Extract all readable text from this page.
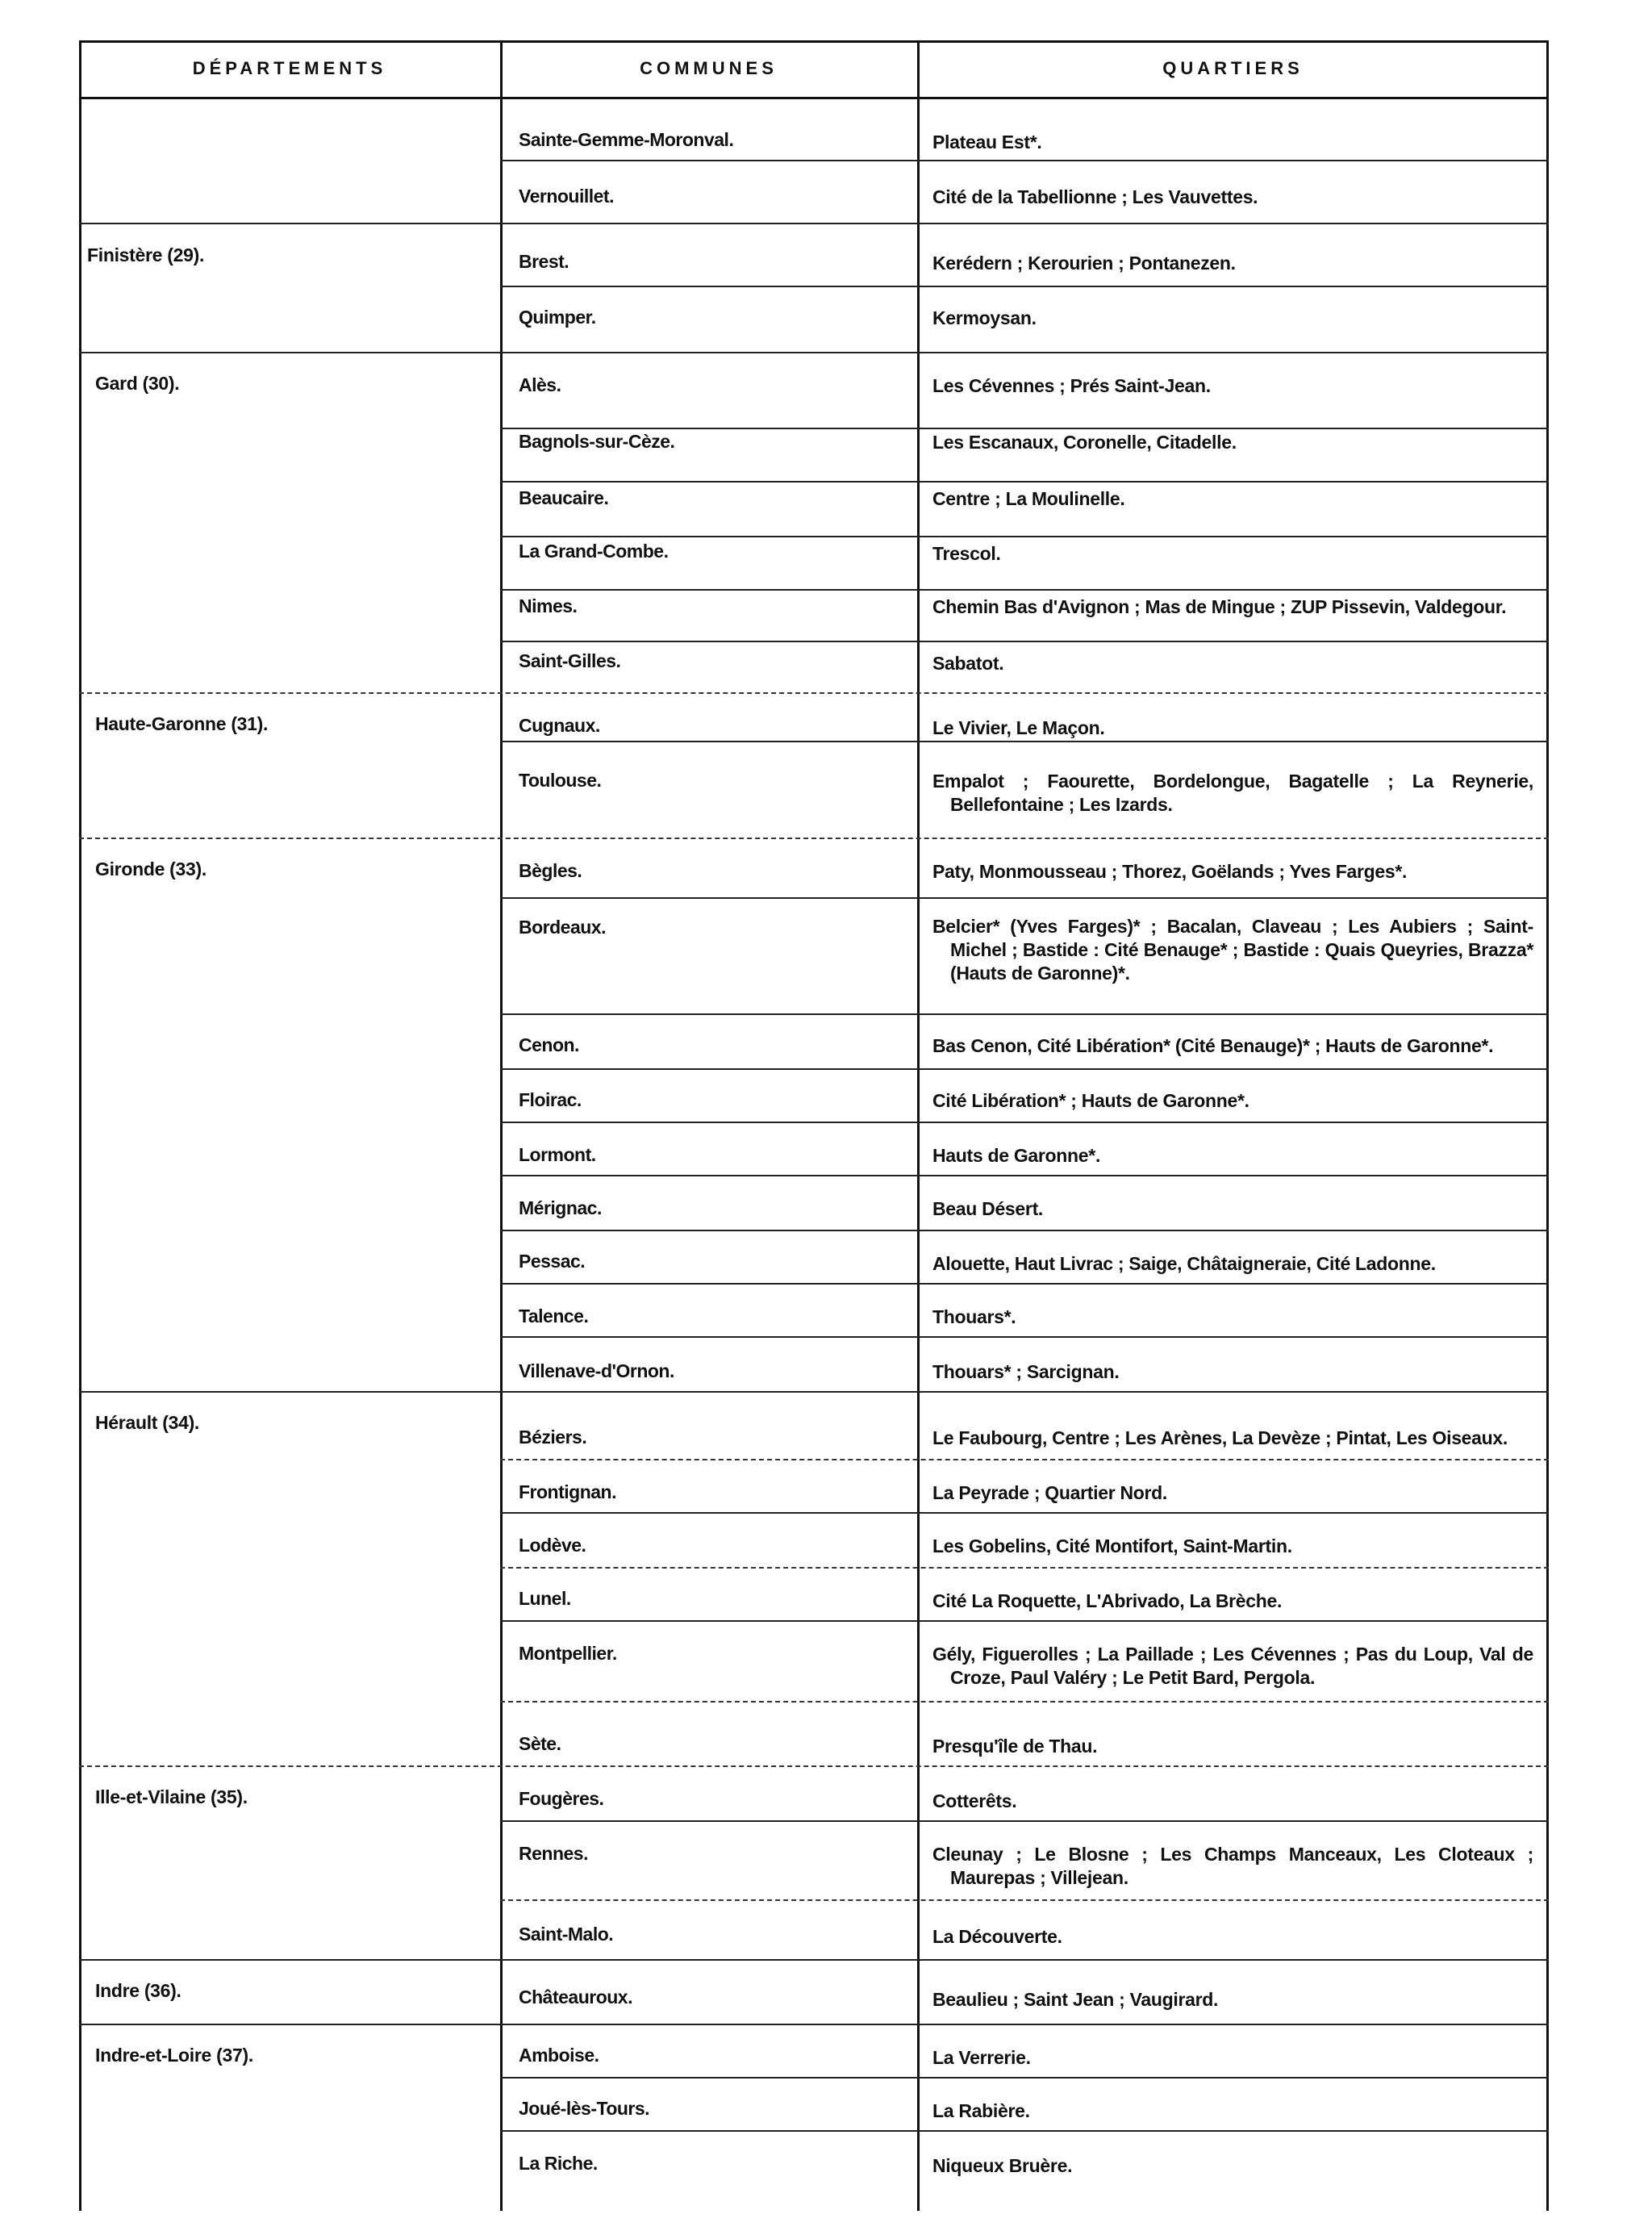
DÉPARTEMENTS	COMMUNES	QUARTIERS
Finistère (29).
Gard (30).
Haute-Garonne (31).
Gironde (33).
Hérault (34).
Ille-et-Vilaine (35).
Indre (36).
Indre-et-Loire (37).
Sainte-Gemme-Moronval.
Vernouillet.
Brest.
Quimper.
Alès.
Bagnols-sur-Cèze.
Beaucaire.
La Grand-Combe.
Nimes.
Saint-Gilles.
Cugnaux.
Toulouse.
Bègles.
Bordeaux.
Cenon.
Floirac.
Lormont.
Mérignac.
Pessac.
Talence.
Villenave-d'Ornon.
Béziers.
Frontignan.
Lodève.
Lunel.
Montpellier.
Sète.
Fougères.
Rennes.
Saint-Malo.
Châteauroux.
Amboise.
Joué-lès-Tours.
La Riche.
Plateau Est*.
Cité de la Tabellionne ; Les Vauvettes.
Kerédern ; Kerourien ; Pontanezen.
Kermoysan.
Les Cévennes ; Prés Saint-Jean.
Les Escanaux, Coronelle, Citadelle.
Centre ; La Moulinelle.
Trescol.
Chemin Bas d'Avignon ; Mas de Mingue ; ZUP Pissevin, Valdegour.
Sabatot.
Le Vivier, Le Maçon.
Empalot ; Faourette, Bordelongue, Bagatelle ; La Reynerie, Bellefontaine ; Les Izards.
Paty, Monmousseau ; Thorez, Goëlands ; Yves Farges*.
Belcier* (Yves Farges)* ; Bacalan, Claveau ; Les Aubiers ; Saint-Michel ; Bastide : Cité Benauge* ; Bastide : Quais Queyries, Brazza* (Hauts de Garonne)*.
Bas Cenon, Cité Libération* (Cité Benauge)* ; Hauts de Garonne*.
Cité Libération* ; Hauts de Garonne*.
Hauts de Garonne*.
Beau Désert.
Alouette, Haut Livrac ; Saige, Châtaigneraie, Cité Ladonne.
Thouars*.
Thouars* ; Sarcignan.
Le Faubourg, Centre ; Les Arènes, La Devèze ; Pintat, Les Oiseaux.
La Peyrade ; Quartier Nord.
Les Gobelins, Cité Montifort, Saint-Martin.
Cité La Roquette, L'Abrivado, La Brèche.
Gély, Figuerolles ; La Paillade ; Les Cévennes ; Pas du Loup, Val de Croze, Paul Valéry ; Le Petit Bard, Pergola.
Presqu'île de Thau.
Cotterêts.
Cleunay ; Le Blosne ; Les Champs Manceaux, Les Cloteaux ; Maurepas ; Villejean.
La Découverte.
Beaulieu ; Saint Jean ; Vaugirard.
La Verrerie.
La Rabière.
Niqueux Bruère.
